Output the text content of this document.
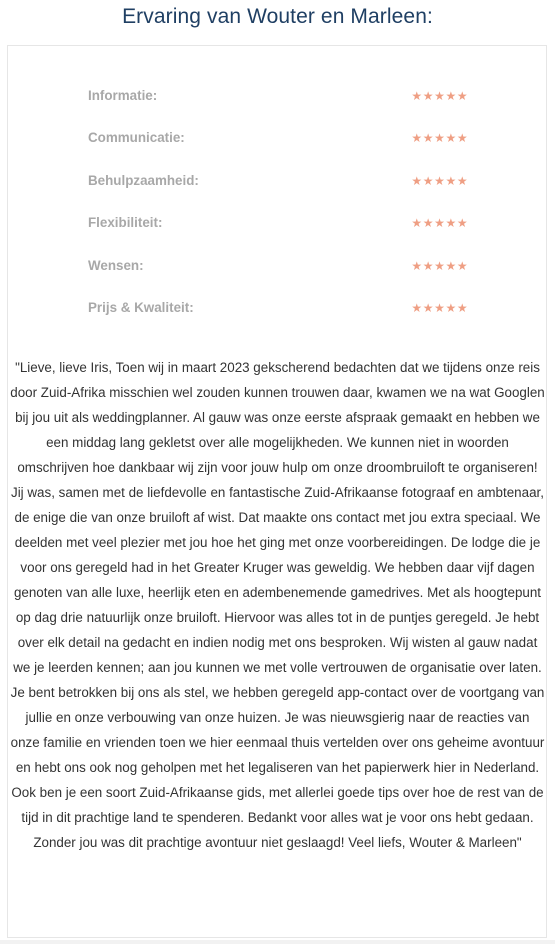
Ervaring van Wouter en Marleen:
Informatie:	★★★★★
Communicatie:	★★★★★
Behulpzaamheid:	★★★★★
Flexibiliteit:	★★★★★
Wensen:	★★★★★
Prijs & Kwaliteit:	★★★★★

"Lieve, lieve Iris, Toen wij in maart 2023 gekscherend bedachten dat we tijdens onze reis door Zuid-Afrika misschien wel zouden kunnen trouwen daar, kwamen we na wat Googlen bij jou uit als weddingplanner. Al gauw was onze eerste afspraak gemaakt en hebben we een middag lang gekletst over alle mogelijkheden. We kunnen niet in woorden omschrijven hoe dankbaar wij zijn voor jouw hulp om onze droombruiloft te organiseren! Jij was, samen met de liefdevolle en fantastische Zuid-Afrikaanse fotograaf en ambtenaar, de enige die van onze bruiloft af wist. Dat maakte ons contact met jou extra speciaal. We deelden met veel plezier met jou hoe het ging met onze voorbereidingen. De lodge die je voor ons geregeld had in het Greater Kruger was geweldig. We hebben daar vijf dagen genoten van alle luxe, heerlijk eten en adembenemende gamedrives. Met als hoogtepunt op dag drie natuurlijk onze bruiloft. Hiervoor was alles tot in de puntjes geregeld. Je hebt over elk detail na gedacht en indien nodig met ons besproken. Wij wisten al gauw nadat we je leerden kennen; aan jou kunnen we met volle vertrouwen de organisatie over laten. Je bent betrokken bij ons als stel, we hebben geregeld app-contact over de voortgang van jullie en onze verbouwing van onze huizen. Je was nieuwsgierig naar de reacties van onze familie en vrienden toen we hier eenmaal thuis vertelden over ons geheime avontuur en hebt ons ook nog geholpen met het legaliseren van het papierwerk hier in Nederland. Ook ben je een soort Zuid-Afrikaanse gids, met allerlei goede tips over hoe de rest van de tijd in dit prachtige land te spenderen. Bedankt voor alles wat je voor ons hebt gedaan. Zonder jou was dit prachtige avontuur niet geslaagd! Veel liefs, Wouter & Marleen"
